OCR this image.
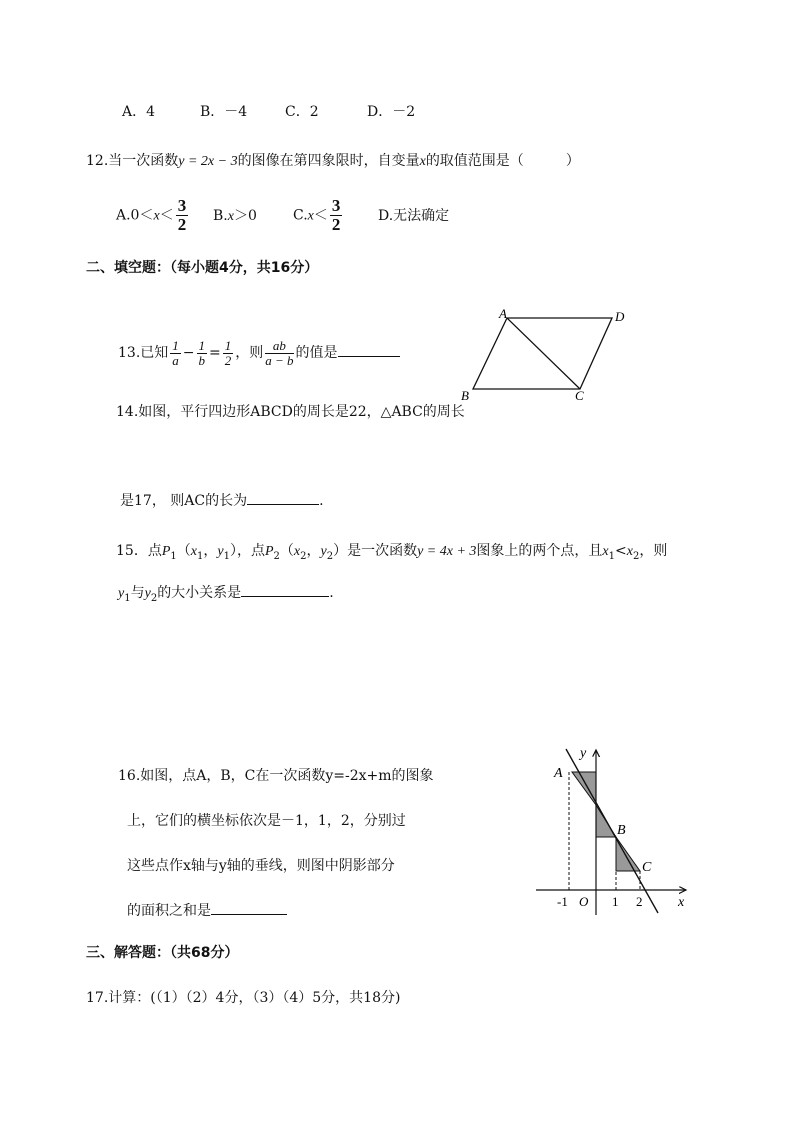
A．4	B．－4	C．2	D．－2
12.当一次函数y = 2x − 3的图像在第四象限时，自变量x的取值范围是（	）
$A.0<x< \frac{3}{2} B.x>0$	$C.x< \frac{3}{2}$	D.无法确定
二、填空题：（每小题4分，共16分）
A	D
B	C
13.已知 $\frac{1}{a} - \frac{1}{b} = \frac{1}{2}$ ，则 $\frac{ab}{a - b}$ 的值是
14.如图，平行四边形ABCD的周长是22，△ABC的周长
是17， 则AC的长为	.
15．点$P_1(x_1$，$y_1$），点$P_2(x_2$，$y_2$）是一次函数y = 4x + 3图象上的两个点，且$x_1<x_2$，则
$y_1$与$y_2$的大小关系是	.
16.如图，点A，B，C在一次函数y=-2x+m的图象
上，它们的横坐标依次是－1，1，2，分别过
这些点作x轴与y轴的垂线，则图中阴影部分
的面积之和是
y
x
A
B
C
O
-1	1 2
三、解答题：（共68分）
17.计算：(（1）（2）4分，（3）（4）5分，共18分)
